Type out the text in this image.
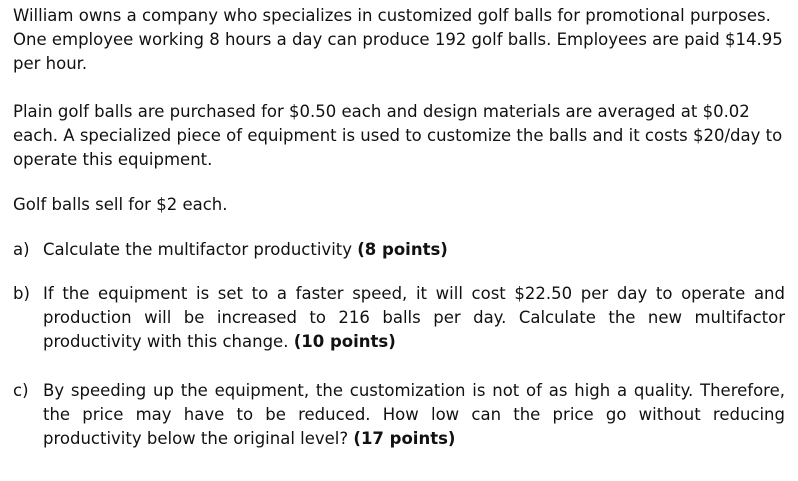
William owns a company who specializes in customized golf balls for promotional purposes. One employee working 8 hours a day can produce 192 golf balls. Employees are paid $14.95 per hour.

Plain golf balls are purchased for $0.50 each and design materials are averaged at $0.02 each. A specialized piece of equipment is used to customize the balls and it costs $20/day to operate this equipment.

Golf balls sell for $2 each.

a) Calculate the multifactor productivity (8 points)
b) If the equipment is set to a faster speed, it will cost $22.50 per day to operate and production will be increased to 216 balls per day. Calculate the new multifactor productivity with this change. (10 points)
c) By speeding up the equipment, the customization is not of as high a quality. Therefore, the price may have to be reduced. How low can the price go without reducing productivity below the original level? (17 points)
